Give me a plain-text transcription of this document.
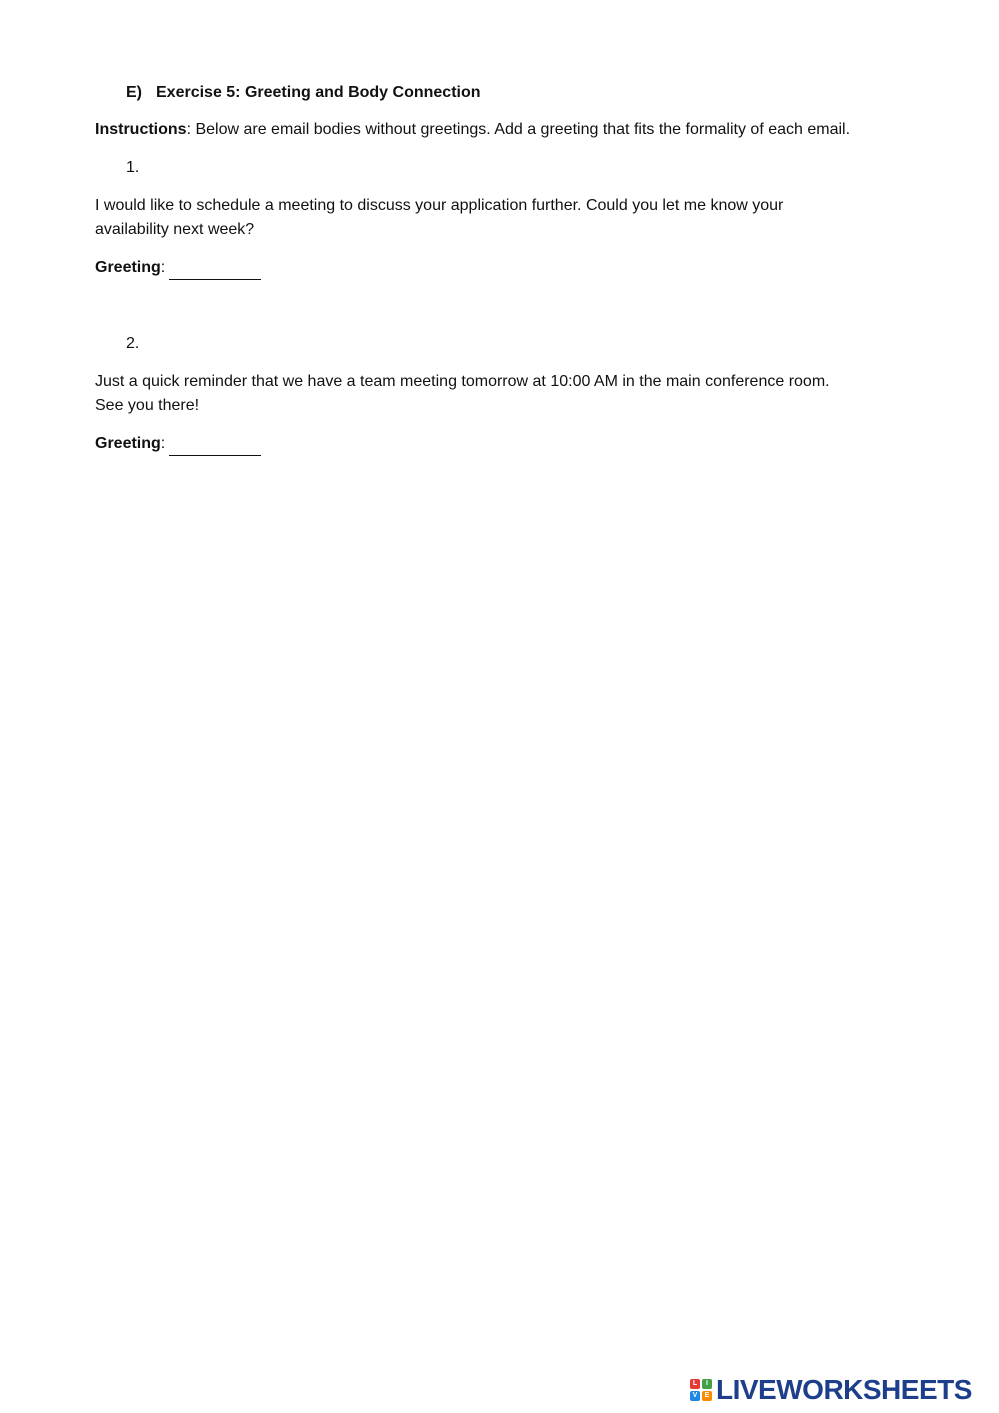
E) Exercise 5: Greeting and Body Connection
Instructions: Below are email bodies without greetings. Add a greeting that fits the formality of each email.
1.
I would like to schedule a meeting to discuss your application further. Could you let me know your
availability next week?
Greeting:
2.
Just a quick reminder that we have a team meeting tomorrow at 10:00 AM in the main conference room.
See you there!
Greeting:
L	I
V	E LIVEWORKSHEETS
